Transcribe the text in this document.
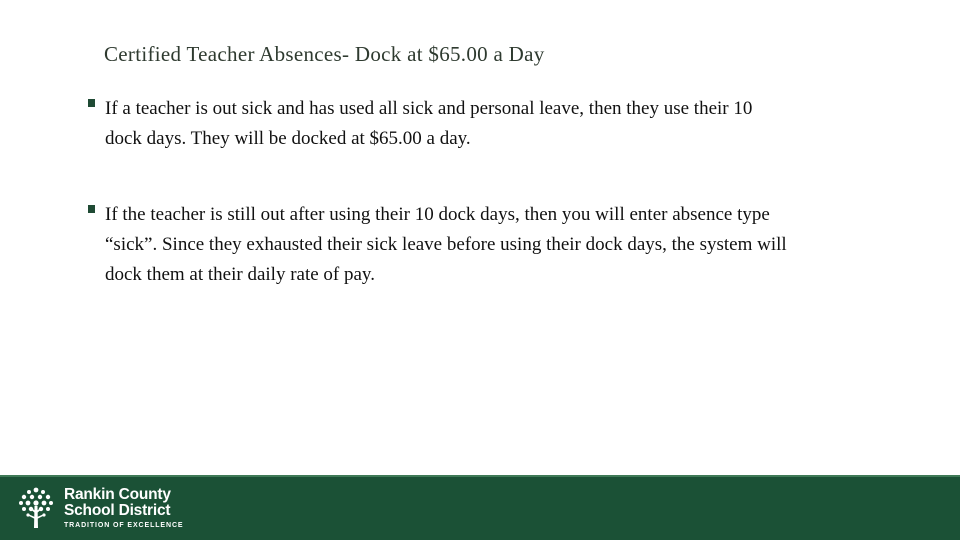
Certified Teacher Absences- Dock at $65.00 a Day
If a teacher is out sick and has used all sick and personal leave, then they use their 10 dock days. They will be docked at $65.00 a day.
If the teacher is still out after using their 10 dock days, then you will enter absence type “sick”. Since they exhausted their sick leave before using their dock days, the system will dock them at their daily rate of pay.
Rankin County
School District
TRADITION OF EXCELLENCE
